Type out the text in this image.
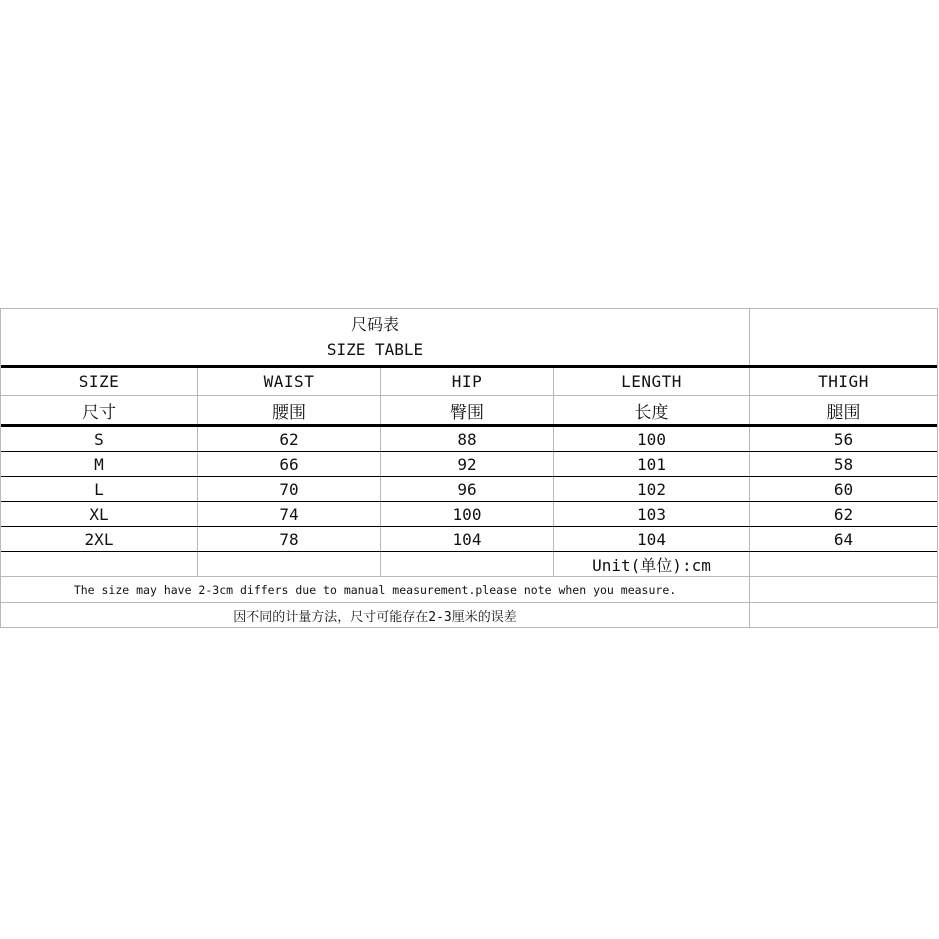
尺码表
SIZE TABLE
SIZE	WAIST	HIP	LENGTH	THIGH
尺寸	腰围	臀围	长度	腿围
S	62	88	100	56
M	66	92	101	58
L	70	96	102	60
XL	74	100	103	62
2XL	78	104	104	64
Unit(单位):cm
The size may have 2-3cm differs due to manual measurement.please note when you measure.
因不同的计量方法，尺寸可能存在2-3厘米的误差
